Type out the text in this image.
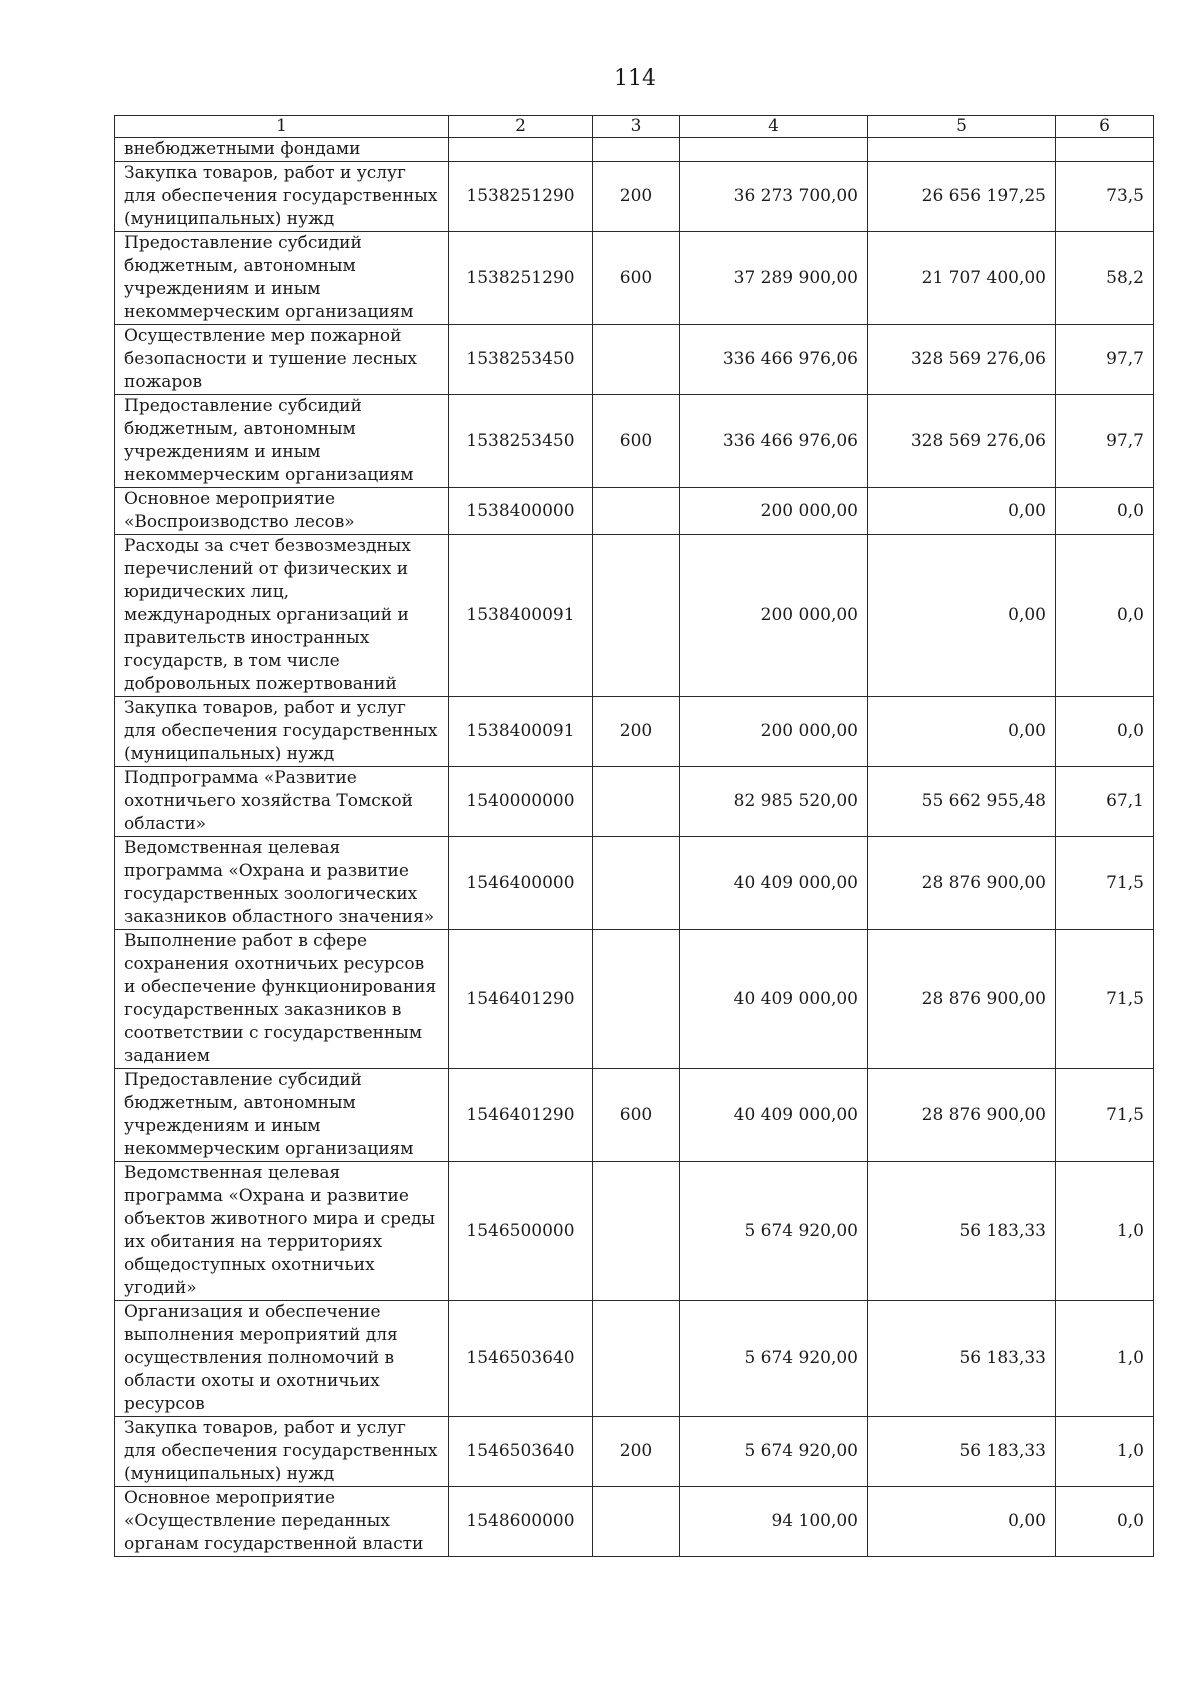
114
1	2	3	4	5	6
внебюджетными фондами					
Закупка товаров, работ и услуг для обеспечения государственных (муниципальных) нужд	1538251290	200	36 273 700,00	26 656 197,25	73,5
Предоставление субсидий бюджетным, автономным учреждениям и иным некоммерческим организациям	1538251290	600	37 289 900,00	21 707 400,00	58,2
Осуществление мер пожарной безопасности и тушение лесных пожаров	1538253450		336 466 976,06	328 569 276,06	97,7
Предоставление субсидий бюджетным, автономным учреждениям и иным некоммерческим организациям	1538253450	600	336 466 976,06	328 569 276,06	97,7
Основное мероприятие «Воспроизводство лесов»	1538400000		200 000,00	0,00	0,0
Расходы за счет безвозмездных перечислений от физических и юридических лиц, международных организаций и правительств иностранных государств, в том числе добровольных пожертвований	1538400091		200 000,00	0,00	0,0
Закупка товаров, работ и услуг для обеспечения государственных (муниципальных) нужд	1538400091	200	200 000,00	0,00	0,0
Подпрограмма «Развитие охотничьего хозяйства Томской области»	1540000000		82 985 520,00	55 662 955,48	67,1
Ведомственная целевая программа «Охрана и развитие государственных зоологических заказников областного значения»	1546400000		40 409 000,00	28 876 900,00	71,5
Выполнение работ в сфере сохранения охотничьих ресурсов и обеспечение функционирования государственных заказников в соответствии с государственным заданием	1546401290		40 409 000,00	28 876 900,00	71,5
Предоставление субсидий бюджетным, автономным учреждениям и иным некоммерческим организациям	1546401290	600	40 409 000,00	28 876 900,00	71,5
Ведомственная целевая программа «Охрана и развитие объектов животного мира и среды их обитания на территориях общедоступных охотничьих угодий»	1546500000		5 674 920,00	56 183,33	1,0
Организация и обеспечение выполнения мероприятий для осуществления полномочий в области охоты и охотничьих ресурсов	1546503640		5 674 920,00	56 183,33	1,0
Закупка товаров, работ и услуг для обеспечения государственных (муниципальных) нужд	1546503640	200	5 674 920,00	56 183,33	1,0
Основное мероприятие «Осуществление переданных органам государственной власти	1548600000		94 100,00	0,00	0,0
